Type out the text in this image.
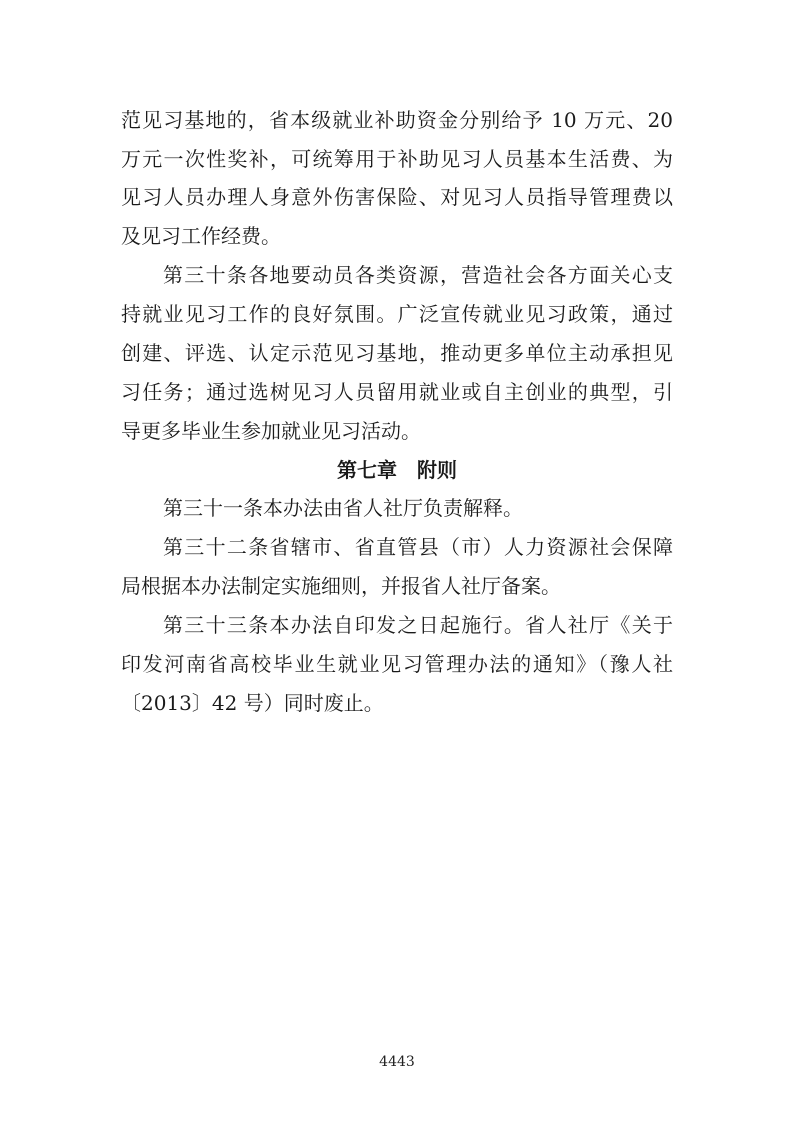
范见习基地的，省本级就业补助资金分别给予 10 万元、20
万元一次性奖补，可统筹用于补助见习人员基本生活费、为
见习人员办理人身意外伤害保险、对见习人员指导管理费以
及见习工作经费。
第三十条各地要动员各类资源，营造社会各方面关心支
持就业见习工作的良好氛围。广泛宣传就业见习政策，通过
创建、评选、认定示范见习基地，推动更多单位主动承担见
习任务；通过选树见习人员留用就业或自主创业的典型，引
导更多毕业生参加就业见习活动。
第七章　附则
第三十一条本办法由省人社厅负责解释。
第三十二条省辖市、省直管县（市）人力资源社会保障
局根据本办法制定实施细则，并报省人社厅备案。
第三十三条本办法自印发之日起施行。省人社厅《关于
印发河南省高校毕业生就业见习管理办法的通知》（豫人社
〔2013〕42 号）同时废止。
4443
